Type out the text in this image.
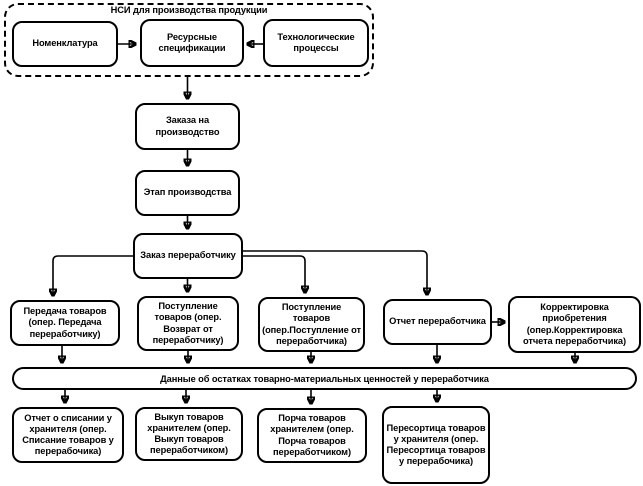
НСИ для производства продукции
Номенклатура
Ресурсные спецификации
Технологические процессы
Заказа на производство
Этап производства
Заказ переработчику
Передача товаров (опер. Передача переработчику)
Поступление товаров (опер. Возврат от переработчику)
Поступление товаров (опер.Поступление от переработчика)
Отчет переработчика
Корректировка приобретения (опер.Корректировка отчета переработчика)
Данные об остатках товарно-материальных ценностей у переработчика
Отчет о списании у хранителя (опер. Списание товаров у перерабочика)
Выкуп товаров хранителем (опер. Выкуп товаров переработчиком)
Порча товаров хранителем (опер. Порча товаров переработчиком)
Пересортица товаров у хранителя (опер. Пересортица товаров у перерабочика)
